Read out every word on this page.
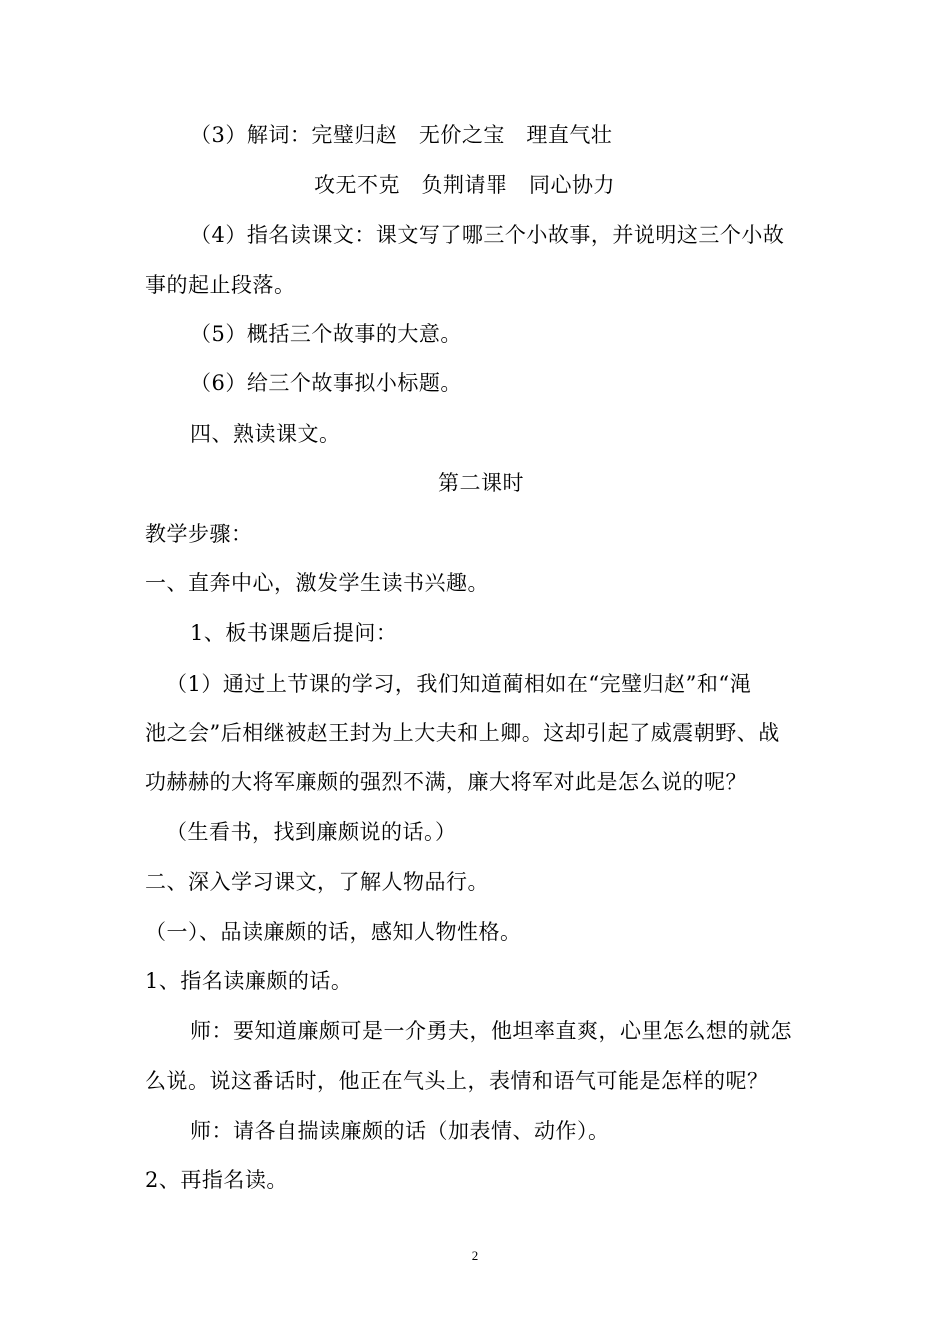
（3）解词：完璧归赵　无价之宝　理直气壮
攻无不克　负荆请罪　同心协力
（4）指名读课文：课文写了哪三个小故事，并说明这三个小故
事的起止段落。
（5）概括三个故事的大意。
（6）给三个故事拟小标题。
四、熟读课文。
第二课时
教学步骤：
一、直奔中心，激发学生读书兴趣。
1、板书课题后提问：
（1）通过上节课的学习，我们知道蔺相如在“完璧归赵”和“渑
池之会”后相继被赵王封为上大夫和上卿。这却引起了威震朝野、战
功赫赫的大将军廉颇的强烈不满，廉大将军对此是怎么说的呢？
（生看书，找到廉颇说的话。）
二、深入学习课文，了解人物品行。
（一）、品读廉颇的话，感知人物性格。
1、指名读廉颇的话。
师：要知道廉颇可是一介勇夫，他坦率直爽，心里怎么想的就怎
么说。说这番话时，他正在气头上，表情和语气可能是怎样的呢？
师：请各自揣读廉颇的话（加表情、动作）。
2、再指名读。
2
